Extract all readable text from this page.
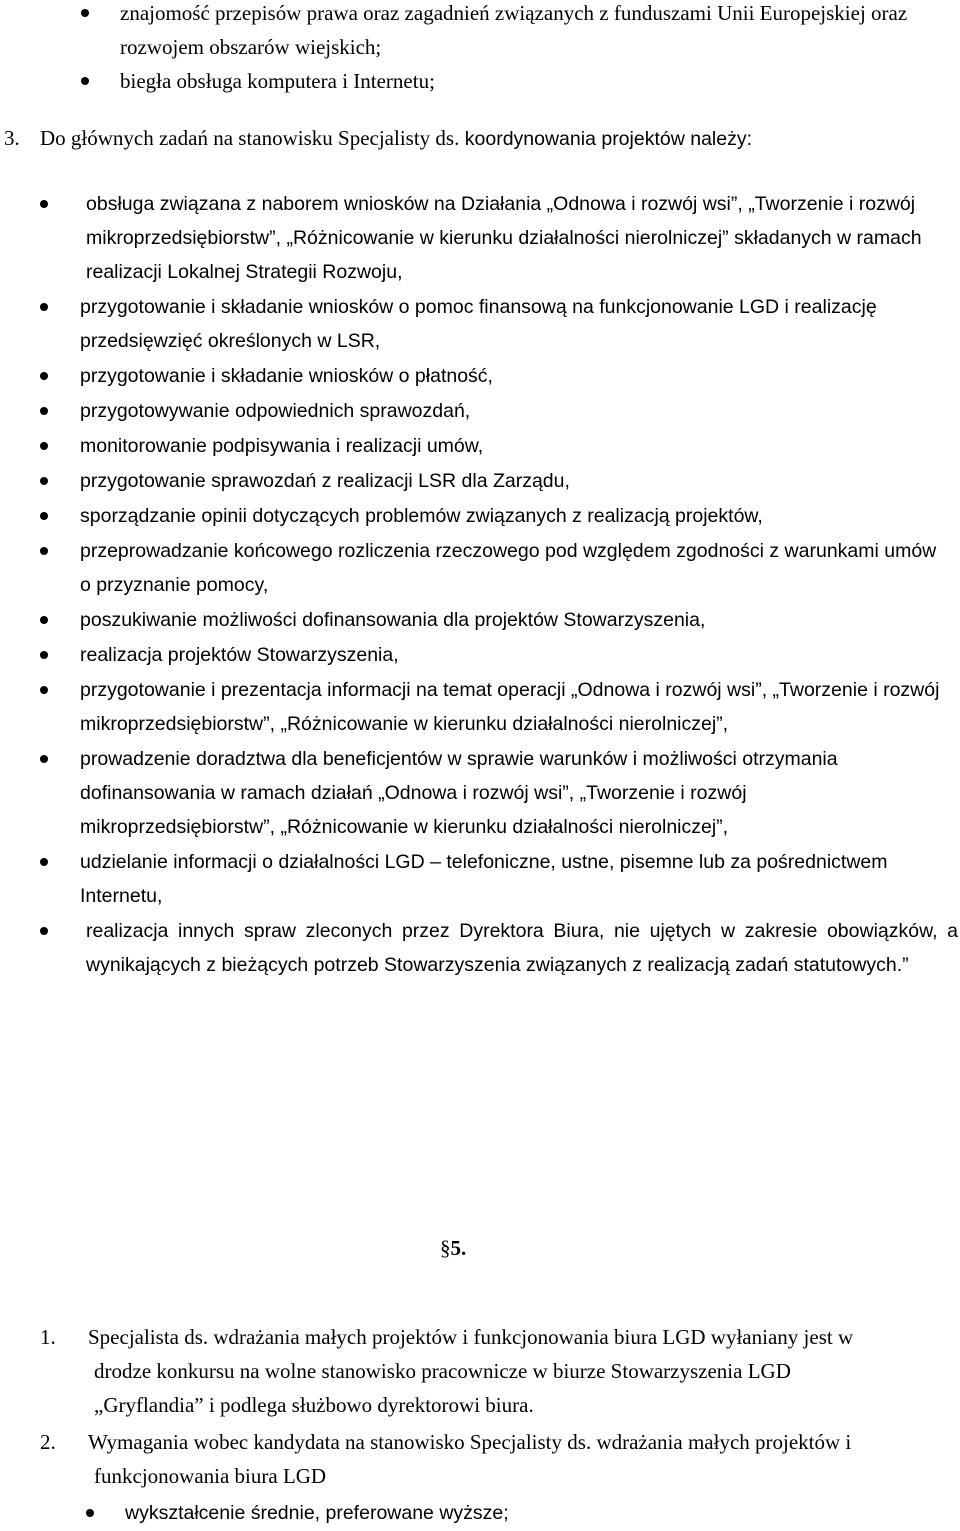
znajomość przepisów prawa oraz zagadnień związanych z funduszami Unii Europejskiej oraz rozwojem obszarów wiejskich;
biegła obsługa komputera i Internetu;
3. Do głównych zadań na stanowisku Specjalisty ds. koordynowania projektów należy:
obsługa związana z naborem wniosków na Działania „Odnowa i rozwój wsi”, „Tworzenie i rozwój mikroprzedsiębiorstw”, „Różnicowanie w kierunku działalności nierolniczej” składanych w ramach realizacji Lokalnej Strategii Rozwoju,
przygotowanie i składanie wniosków o pomoc finansową na funkcjonowanie LGD i realizację przedsięwzięć określonych w LSR,
przygotowanie i składanie wniosków o płatność,
przygotowywanie odpowiednich sprawozdań,
monitorowanie podpisywania i realizacji umów,
przygotowanie sprawozdań z realizacji LSR dla Zarządu,
sporządzanie opinii dotyczących problemów związanych z realizacją projektów,
przeprowadzanie końcowego rozliczenia rzeczowego pod względem zgodności z warunkami umów o przyznanie pomocy,
poszukiwanie możliwości dofinansowania dla projektów Stowarzyszenia,
realizacja projektów Stowarzyszenia,
przygotowanie i prezentacja informacji na temat operacji „Odnowa i rozwój wsi”, „Tworzenie i rozwój mikroprzedsiębiorstw”, „Różnicowanie w kierunku działalności nierolniczej”,
prowadzenie doradztwa dla beneficjentów w sprawie warunków i możliwości otrzymania dofinansowania w ramach działań „Odnowa i rozwój wsi”, „Tworzenie i rozwój mikroprzedsiębiorstw”, „Różnicowanie w kierunku działalności nierolniczej”,
udzielanie informacji o działalności LGD – telefoniczne, ustne, pisemne lub za pośrednictwem Internetu,
realizacja innych spraw zleconych przez Dyrektora Biura, nie ujętych w zakresie obowiązków, a wynikających z bieżących potrzeb Stowarzyszenia związanych z realizacją zadań statutowych.”
§5.
1.	Specjalista ds. wdrażania małych projektów i funkcjonowania biura LGD wyłaniany jest w drodze konkursu na wolne stanowisko pracownicze w biurze Stowarzyszenia LGD „Gryflandia” i podlega służbowo dyrektorowi biura.
2.	Wymagania wobec kandydata na stanowisko Specjalisty ds. wdrażania małych projektów i funkcjonowania biura LGD
wykształcenie średnie, preferowane wyższe;
